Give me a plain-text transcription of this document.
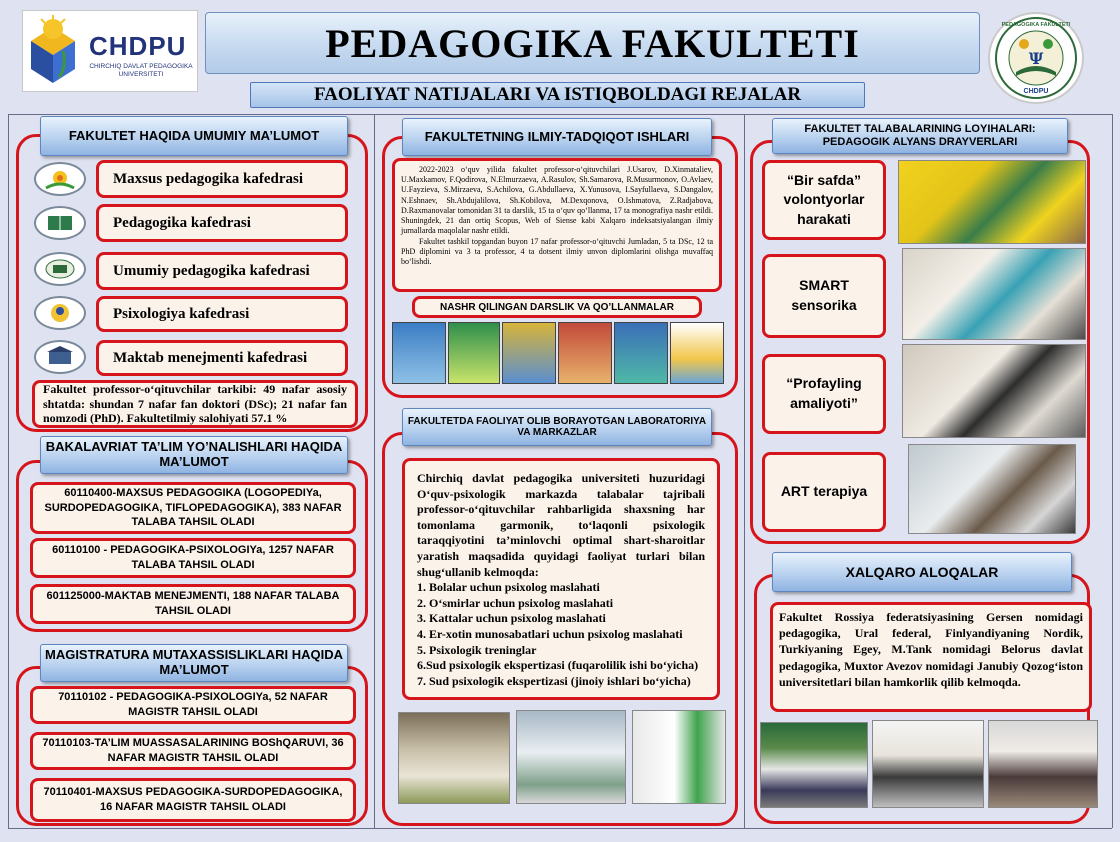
CHDPU
CHIRCHIQ DAVLAT PEDAGOGIKA UNIVERSITETI
PEDAGOGIKA FAKULTETI
FAOLIYAT NATIJALARI VA ISTIQBOLDAGI REJALAR
Ψ
PEDAGOGIKA FAKULTETI
CHDPU
FAKULTET HAQIDA UMUMIY MA’LUMOT
Maxsus pedagogika kafedrasi
Pedagogika kafedrasi
Umumiy pedagogika kafedrasi
Psixologiya kafedrasi
Maktab menejmenti kafedrasi
Fakultet professor-o‘qituvchilar tarkibi: 49 nafar asosiy shtatda: shundan 7 nafar fan doktori (DSc); 21 nafar fan nomzodi (PhD). Fakultetilmiy salohiyati 57.1 %
BAKALAVRIAT TA’LIM YO’NALISHLARI HAQIDA MA’LUMOT
60110400-MAXSUS PEDAGOGIKA (LOGOPEDIYa, SURDOPEDAGOGIKA, TIFLOPEDAGOGIKA), 383 NAFAR TALABA TAHSIL OLADI
60110100 - PEDAGOGIKA-PSIXOLOGIYa, 1257 NAFAR TALABA TAHSIL OLADI
601125000-MAKTAB MENEJMENTI, 188 NAFAR TALABA TAHSIL OLADI
MAGISTRATURA MUTAXASSISLIKLARI HAQIDA MA’LUMOT
70110102 - PEDAGOGIKA-PSIXOLOGIYa, 52 NAFAR MAGISTR TAHSIL OLADI
70110103-TA’LIM MUASSASALARINING BOShQARUVI, 36 NAFAR MAGISTR TAHSIL OLADI
70110401-MAXSUS PEDAGOGIKA-SURDOPEDAGOGIKA, 16 NAFAR MAGISTR TAHSIL OLADI
FAKULTETNING ILMIY-TADQIQOT ISHLARI
2022-2023 o‘quv yilida fakultet professor-o‘qituvchilari J.Usarov, D.Xinmataliev, U.Maxkamov, F.Qodirova, N.Elmurzaeva, A.Rasulov, Sh.Samarova, R.Musurmonov, O.Avlaev, U.Fayzieva, S.Mirzaeva, S.Achilova, G.Abdullaeva, X.Yunusova, I.Sayfullaeva, S.Dangalov, N.Eshnaev, Sh.Abdujalilova, Sh.Kobilova, M.Dexqonova, O.Ishmatova, Z.Radjabova, D.Raxmanovalar tomonidan 31 ta darslik, 15 ta o‘quv qo‘llanma, 17 ta monografiya nashr etildi. Shuningdek, 21 dan ortiq Scopus, Web of Siense kabi Xalqaro indeksatsiyalangan ilmiy jurnallarda maqolalar nashr etildi.
Fakultet tashkil topgandan buyon 17 nafar professor-o‘qituvchi Jumladan, 5 ta DSc, 12 ta PhD diplomini va 3 ta professor, 4 ta dotsent ilmiy unvon diplomlarini olishga muvaffaq bo‘lishdi.
NASHR QILINGAN DARSLIK VA QO’LLANMALAR
FAKULTETDA FAOLIYAT OLIB BORAYOTGAN LABORATORIYA VA MARKAZLAR
Chirchiq davlat pedagogika universiteti huzuridagi O‘quv-psixologik markazda talabalar tajribali professor-o‘qituvchilar rahbarligida shaxsning har tomonlama garmonik, to‘laqonli psixologik taraqqiyotini ta’minlovchi optimal shart-sharoitlar yaratish maqsadida quyidagi faoliyat turlari bilan shug‘ullanib kelmoqda:
1. Bolalar uchun psixolog maslahati
2. O‘smirlar uchun psixolog maslahati
3. Kattalar uchun psixolog maslahati
4. Er-xotin munosabatlari uchun psixolog maslahati
5. Psixologik treninglar
6.Sud psixologik ekspertizasi (fuqarolilik ishi bo‘yicha)
7. Sud psixologik ekspertizasi (jinoiy ishlari bo‘yicha)
FAKULTET TALABALARINING LOYIHALARI: PEDAGOGIK ALYANS DRAYVERLARI
“Bir safda” volontyorlar harakati
SMART sensorika
“Profayling amaliyoti”
ART terapiya
XALQARO ALOQALAR
Fakultet Rossiya federatsiyasining Gersen nomidagi pedagogika, Ural federal, Finlyandiyaning Nordik, Turkiyaning Egey, M.Tank nomidagi Belorus davlat pedagogika, Muxtor Avezov nomidagi Janubiy Qozog‘iston universitetlari bilan hamkorlik qilib kelmoqda.
